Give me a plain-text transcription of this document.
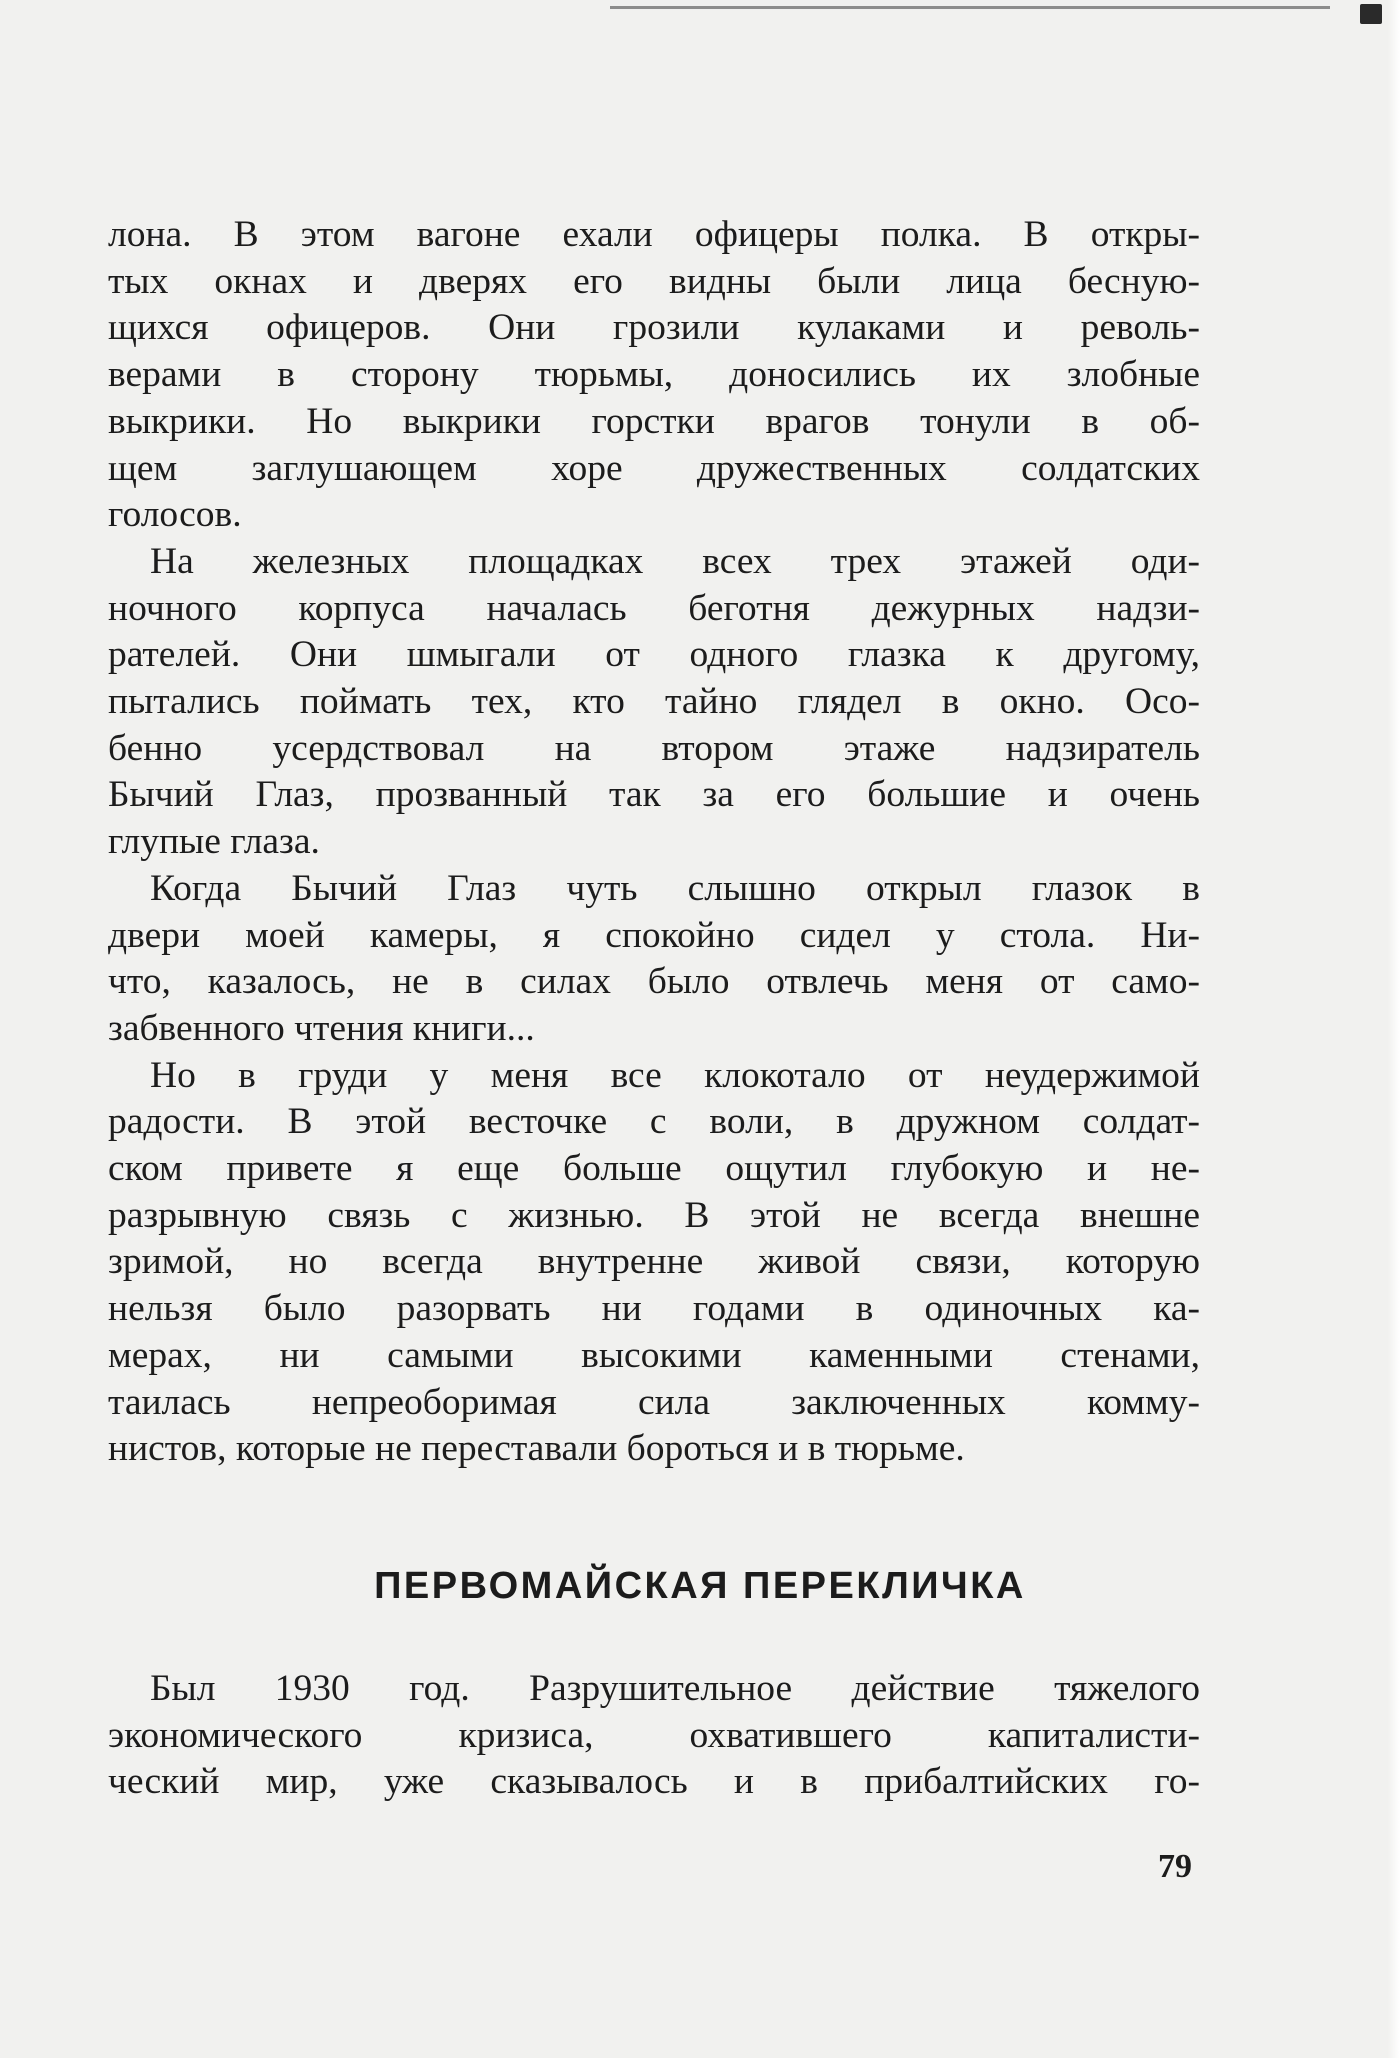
лона. В этом вагоне ехали офицеры полка. В откры-
тых окнах и дверях его видны были лица бесную-
щихся офицеров. Они грозили кулаками и револь-
верами в сторону тюрьмы, доносились их злобные
выкрики. Но выкрики горстки врагов тонули в об-
щем заглушающем хоре дружественных солдатских
голосов.
На железных площадках всех трех этажей оди-
ночного корпуса началась беготня дежурных надзи-
рателей. Они шмыгали от одного глазка к другому,
пытались поймать тех, кто тайно глядел в окно. Осо-
бенно усердствовал на втором этаже надзиратель
Бычий Глаз, прозванный так за его большие и очень
глупые глаза.
Когда Бычий Глаз чуть слышно открыл глазок в
двери моей камеры, я спокойно сидел у стола. Ни-
что, казалось, не в силах было отвлечь меня от само-
забвенного чтения книги...
Но в груди у меня все клокотало от неудержимой
радости. В этой весточке с воли, в дружном солдат-
ском привете я еще больше ощутил глубокую и не-
разрывную связь с жизнью. В этой не всегда внешне
зримой, но всегда внутренне живой связи, которую
нельзя было разорвать ни годами в одиночных ка-
мерах, ни самыми высокими каменными стенами,
таилась непреоборимая сила заключенных комму-
нистов, которые не переставали бороться и в тюрьме.
ПЕРВОМАЙСКАЯ ПЕРЕКЛИЧКА
Был 1930 год. Разрушительное действие тяжелого
экономического кризиса, охватившего капиталисти-
ческий мир, уже сказывалось и в прибалтийских го-
79
